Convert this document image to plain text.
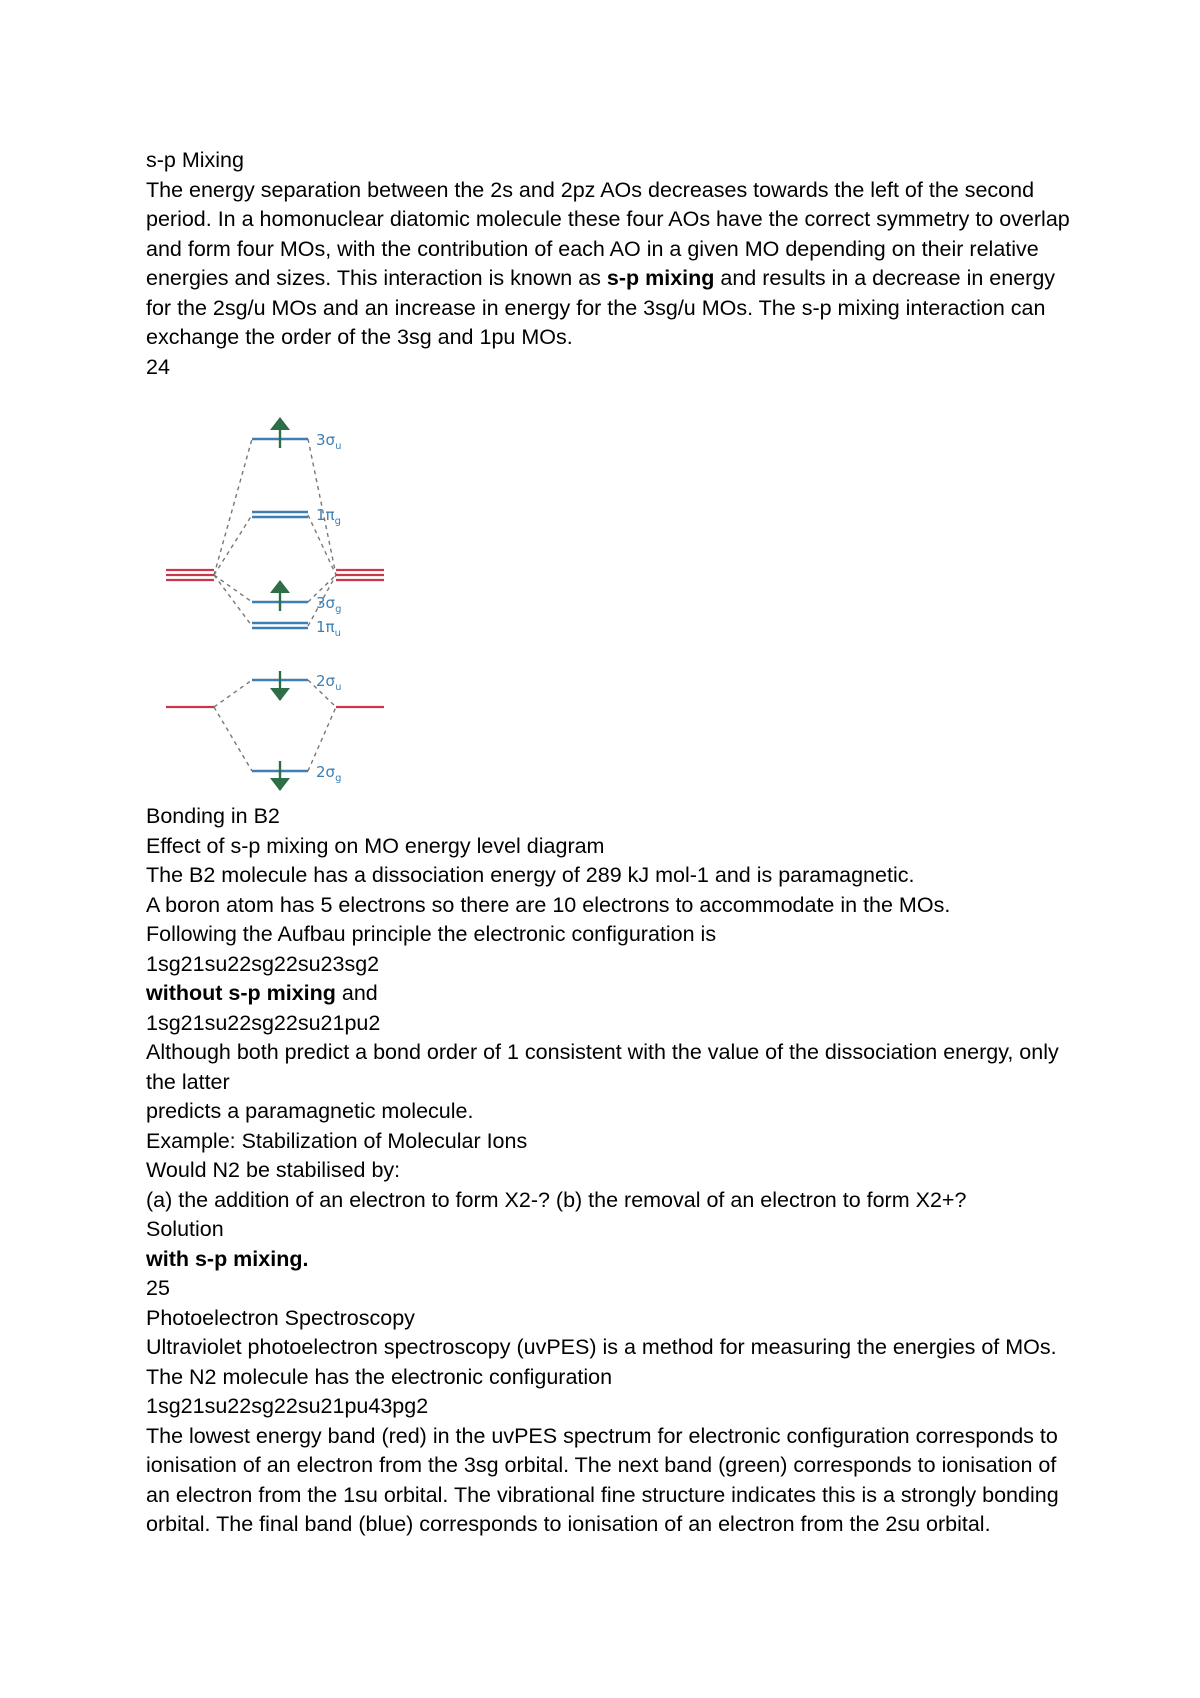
s-p Mixing

The energy separation between the 2s and 2pz AOs decreases towards the left of the second period. In a homonuclear diatomic molecule these four AOs have the correct symmetry to overlap and form four MOs, with the contribution of each AO in a given MO depending on their relative energies and sizes. This interaction is known as s-p mixing and results in a decrease in energy for the 2sg/u MOs and an increase in energy for the 3sg/u MOs. The s-p mixing interaction can exchange the order of the 3sg and 1pu MOs.

24

$3\sigma_u$
$1\pi_g$
$3\sigma_g$
$1\pi_u$
$2\sigma_u$
$2\sigma_g$

Bonding in B2

Effect of s-p mixing on MO energy level diagram

The B2 molecule has a dissociation energy of 289 kJ mol-1 and is paramagnetic.

A boron atom has 5 electrons so there are 10 electrons to accommodate in the MOs.

Following the Aufbau principle the electronic configuration is

1sg21su22sg22su23sg2

without s-p mixing and

1sg21su22sg22su21pu2

Although both predict a bond order of 1 consistent with the value of the dissociation energy, only the latter

predicts a paramagnetic molecule.

Example: Stabilization of Molecular Ions

Would N2 be stabilised by:

(a) the addition of an electron to form X2-? (b) the removal of an electron to form X2+?

Solution

with s-p mixing.

25

Photoelectron Spectroscopy

Ultraviolet photoelectron spectroscopy (uvPES) is a method for measuring the energies of MOs. The N2 molecule has the electronic configuration

1sg21su22sg22su21pu43pg2

The lowest energy band (red) in the uvPES spectrum for electronic configuration corresponds to ionisation of an electron from the 3sg orbital. The next band (green) corresponds to ionisation of an electron from the 1su orbital. The vibrational fine structure indicates this is a strongly bonding orbital. The final band (blue) corresponds to ionisation of an electron from the 2su orbital.
